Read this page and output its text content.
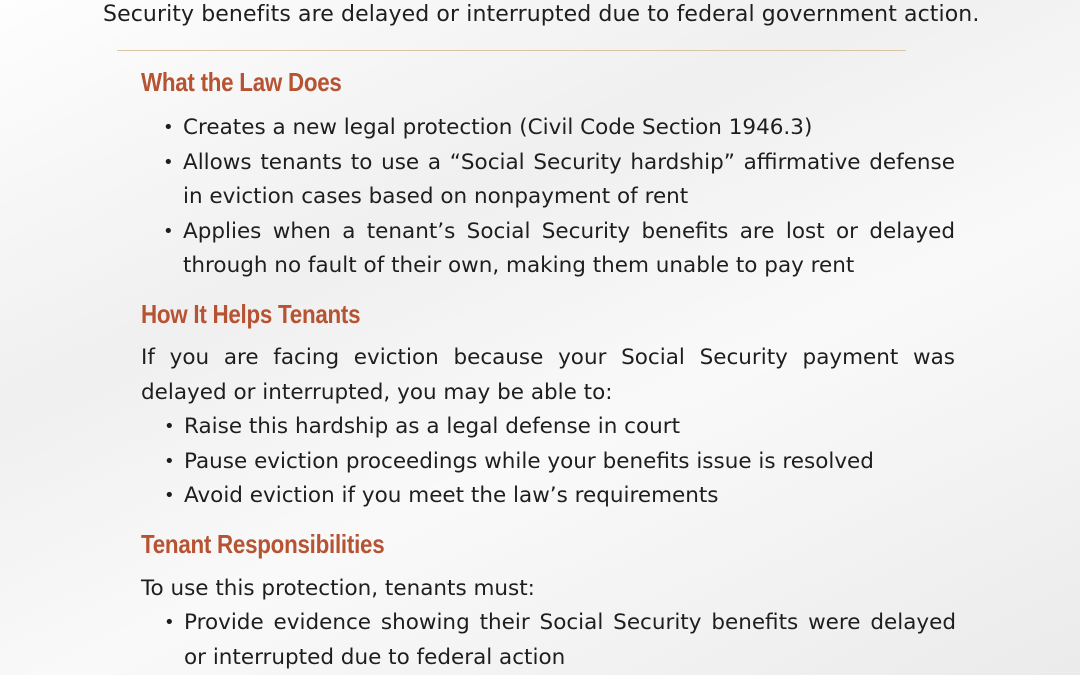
Security benefits are delayed or interrupted due to federal government action.

What the Law Does
• Creates a new legal protection (Civil Code Section 1946.3)
• Allows tenants to use a “Social Security hardship” affirmative defense in eviction cases based on nonpayment of rent
• Applies when a tenant’s Social Security benefits are lost or delayed through no fault of their own, making them unable to pay rent
How It Helps Tenants

If you are facing eviction because your Social Security payment was delayed or interrupted, you may be able to:

• Raise this hardship as a legal defense in court
• Pause eviction proceedings while your benefits issue is resolved
• Avoid eviction if you meet the law’s requirements
Tenant Responsibilities

To use this protection, tenants must:

• Provide evidence showing their Social Security benefits were delayed or interrupted due to federal action
